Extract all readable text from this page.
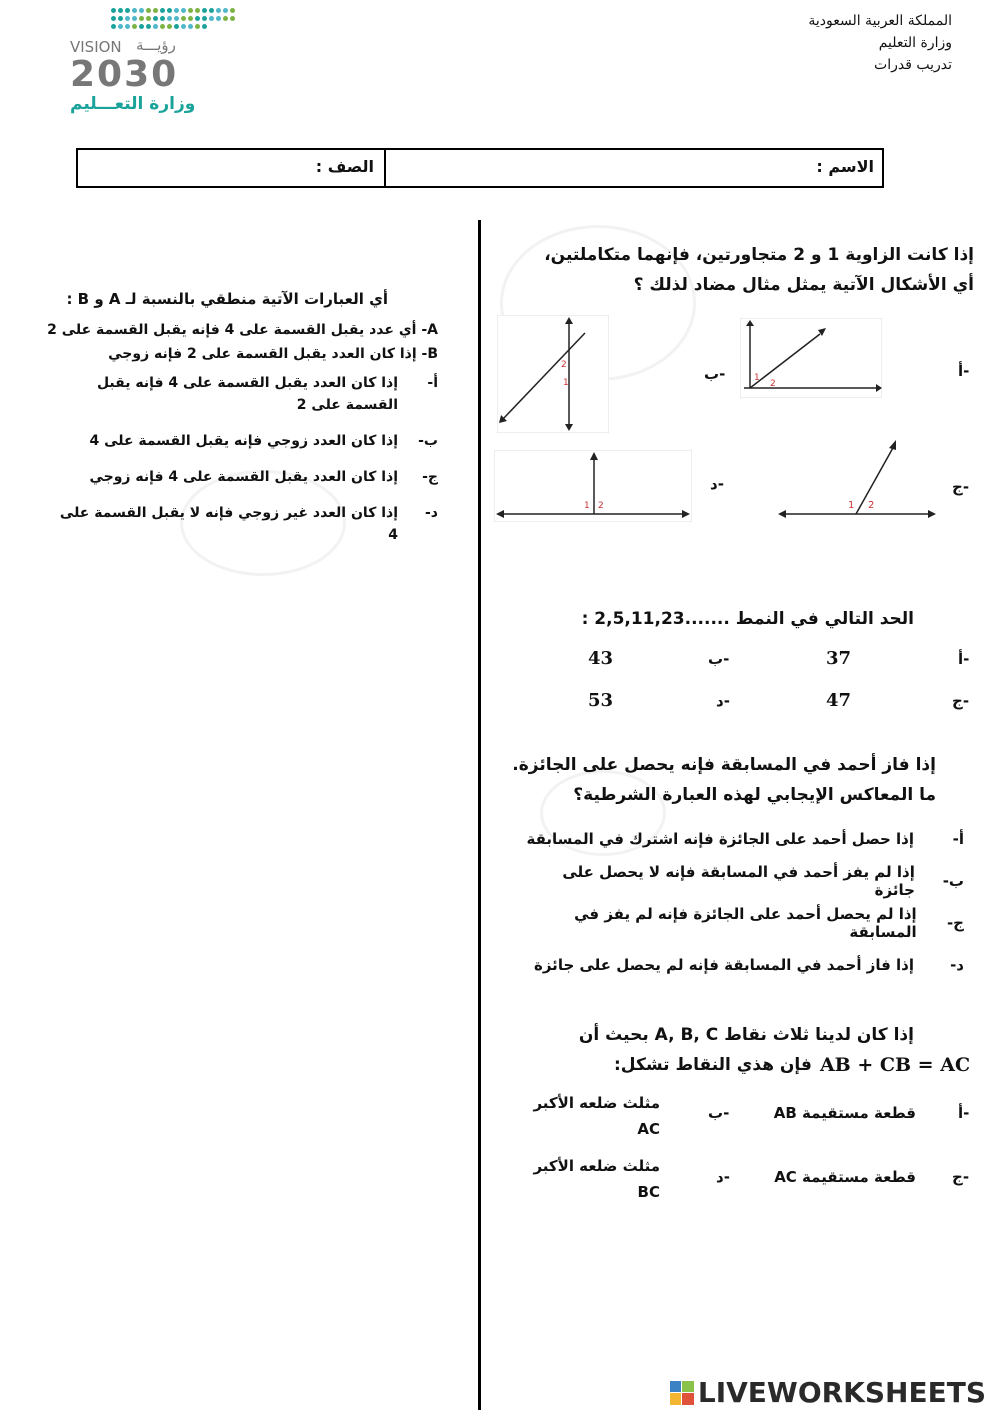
المملكة العربية السعودية
وزارة التعليم
تدريب قدرات

VISION رؤيـــة
2030
وزارة التعـــليم
الاسم :
الصف :
إذا كانت الزاوية 1 و 2 متجاورتين، فإنهما متكاملتين،
أي الأشكال الآتية يمثل مثال مضاد لذلك ؟
أ-
ب-
ج-
د-
1
2
1
2
1 2
1 2
الحد التالي في النمط .......2,5,11,23 :
أ-
37
ب-
43
ج-
47
د-
53
إذا فاز أحمد في المسابقة فإنه يحصل على الجائزة.
ما المعاكس الإيجابي لهذه العبارة الشرطية؟
أ-
إذا حصل أحمد على الجائزة فإنه اشترك في المسابقة
ب-
إذا لم يفز أحمد في المسابقة فإنه لا يحصل على جائزة
ج-
إذا لم يحصل أحمد على الجائزة فإنه لم يفز في المسابقة
د-
إذا فاز أحمد في المسابقة فإنه لم يحصل على جائزة
إذا كان لدينا ثلاث نقاط A, B, C بحيث أن
فإن هذي النقاط تشكل: AB + CB = AC
أ-
قطعة مستقيمة AB
ب-
مثلث ضلعه الأكبر
AC
ج-
قطعة مستقيمة AC
د-
مثلث ضلعه الأكبر
BC
أي العبارات الآتية منطقي بالنسبة لـ A و B :
A- أي عدد يقبل القسمة على 4 فإنه يقبل القسمة على 2
B- إذا كان العدد يقبل القسمة على 2 فإنه زوجي
أ-
إذا كان العدد يقبل القسمة على 4 فإنه يقبل القسمة على 2
ب-
إذا كان العدد زوجي فإنه يقبل القسمة على 4
ج-
إذا كان العدد يقبل القسمة على 4 فإنه زوجي
د-
إذا كان العدد غير زوجي فإنه لا يقبل القسمة على 4
LIVEWORKSHEETS
